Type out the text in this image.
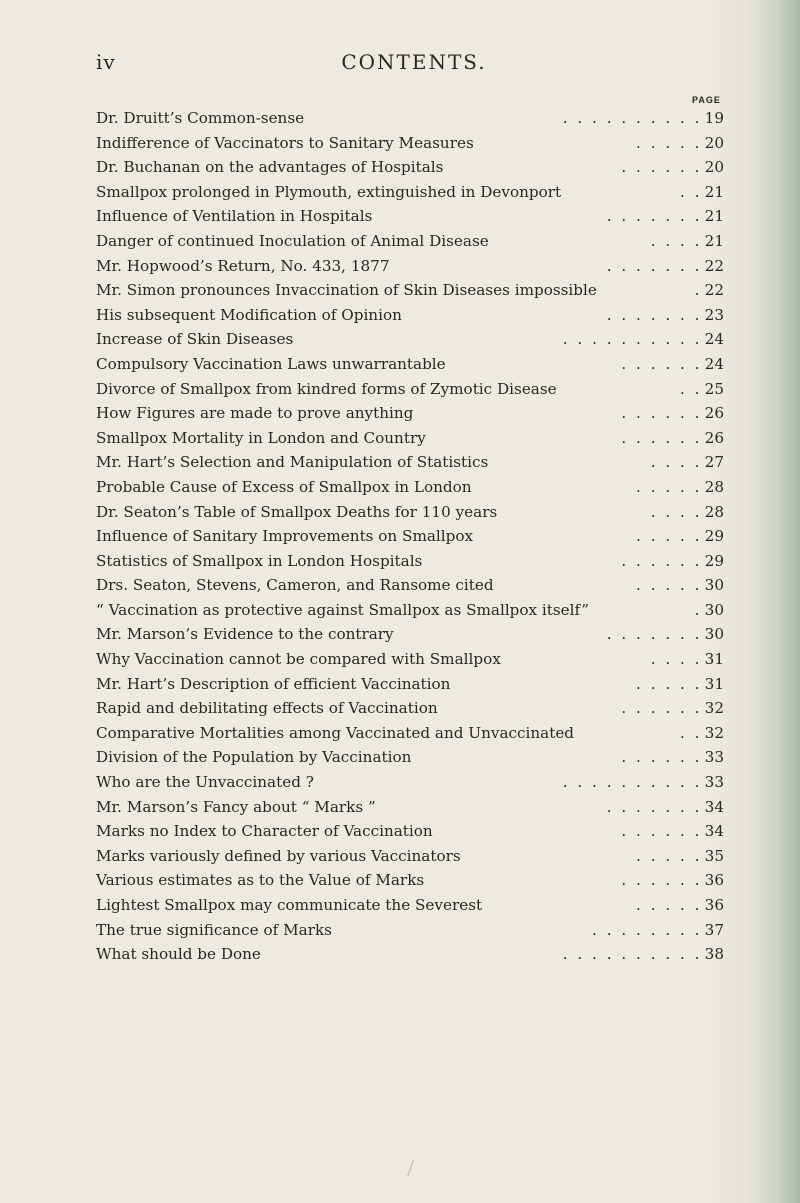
iv	CONTENTS.
PAGE
Dr. Druitt’s Common-sense	. . . . . . . . . . 19
Indifference of Vaccinators to Sanitary Measures	. . . . . 20
Dr. Buchanan on the advantages of Hospitals	. . . . . . 20
Smallpox prolonged in Plymouth, extinguished in Devonport	. . 21
Influence of Ventilation in Hospitals	. . . . . . . 21
Danger of continued Inoculation of Animal Disease	. . . . 21
Mr. Hopwood’s Return, No. 433, 1877	. . . . . . . 22
Mr. Simon pronounces Invaccination of Skin Diseases impossible	. 22
His subsequent Modification of Opinion	. . . . . . . 23
Increase of Skin Diseases	. . . . . . . . . . 24
Compulsory Vaccination Laws unwarrantable	. . . . . . 24
Divorce of Smallpox from kindred forms of Zymotic Disease	. . 25
How Figures are made to prove anything	. . . . . . 26
Smallpox Mortality in London and Country	. . . . . . 26
Mr. Hart’s Selection and Manipulation of Statistics	. . . . 27
Probable Cause of Excess of Smallpox in London	. . . . . 28
Dr. Seaton’s Table of Smallpox Deaths for 110 years	. . . . 28
Influence of Sanitary Improvements on Smallpox	. . . . . 29
Statistics of Smallpox in London Hospitals	. . . . . . 29
Drs. Seaton, Stevens, Cameron, and Ransome cited	. . . . . 30
“ Vaccination as protective against Smallpox as Smallpox itself”	. 30
Mr. Marson’s Evidence to the contrary	. . . . . . . 30
Why Vaccination cannot be compared with Smallpox	. . . . 31
Mr. Hart’s Description of efficient Vaccination	. . . . . 31
Rapid and debilitating effects of Vaccination	. . . . . . 32
Comparative Mortalities among Vaccinated and Unvaccinated	. . 32
Division of the Population by Vaccination	. . . . . . 33
Who are the Unvaccinated ?	. . . . . . . . . . 33
Mr. Marson’s Fancy about “ Marks ”	. . . . . . . 34
Marks no Index to Character of Vaccination	. . . . . . 34
Marks variously defined by various Vaccinators	. . . . . 35
Various estimates as to the Value of Marks	. . . . . . 36
Lightest Smallpox may communicate the Severest	. . . . . 36
The true significance of Marks	. . . . . . . . 37
What should be Done	. . . . . . . . . . 38
